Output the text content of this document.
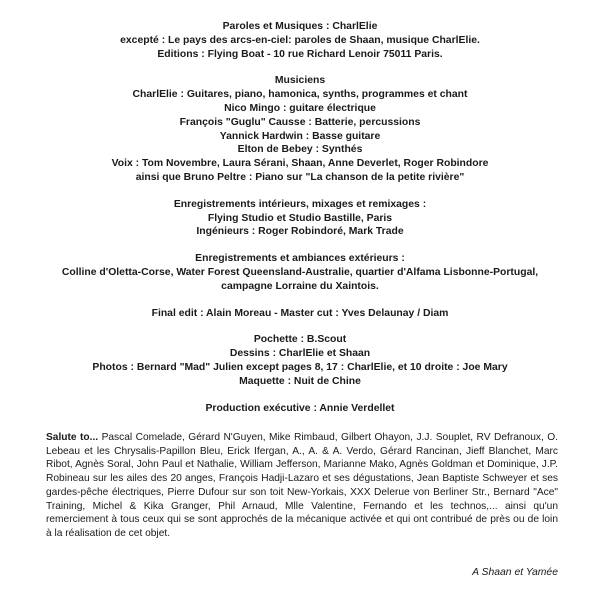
Paroles et Musiques : CharlElie
excepté : Le pays des arcs-en-ciel: paroles de Shaan, musique CharlElie.
Editions : Flying Boat - 10 rue Richard Lenoir 75011 Paris.
Musiciens
CharlElie : Guitares, piano, hamonica, synths, programmes et chant
Nico Mingo : guitare électrique
François "Guglu" Causse : Batterie, percussions
Yannick Hardwin : Basse guitare
Elton de Bebey : Synthés
Voix : Tom Novembre, Laura Sérani, Shaan, Anne Deverlet, Roger Robindore
ainsi que Bruno Peltre : Piano sur "La chanson de la petite rivière"
Enregistrements intérieurs, mixages et remixages :
Flying Studio et Studio Bastille, Paris
Ingénieurs : Roger Robindoré, Mark Trade
Enregistrements et ambiances extérieurs :
Colline d'Oletta-Corse, Water Forest Queensland-Australie, quartier d'Alfama Lisbonne-Portugal,
campagne Lorraine du Xaintois.
Final edit : Alain Moreau - Master cut : Yves Delaunay / Diam
Pochette : B.Scout
Dessins : CharlElie et Shaan
Photos : Bernard "Mad" Julien except pages 8, 17 : CharlElie, et 10 droite : Joe Mary
Maquette : Nuit de Chine
Production exécutive : Annie Verdellet
Salute to... Pascal Comelade, Gérard N'Guyen, Mike Rimbaud, Gilbert Ohayon, J.J. Souplet, RV Defranoux, O. Lebeau et les Chrysalis-Papillon Bleu, Erick Ifergan, A., A. & A. Verdo, Gérard Rancinan, Jieff Blanchet, Marc Ribot, Agnès Soral, John Paul et Nathalie, William Jefferson, Marianne Mako, Agnès Goldman et Dominique, J.P. Robineau sur les ailes des 20 anges, François Hadji-Lazaro et ses dégustations, Jean Baptiste Schweyer et ses gardes-pêche électriques, Pierre Dufour sur son toit New-Yorkais, XXX Delerue von Berliner Str., Bernard "Ace" Training, Michel & Kika Granger, Phil Arnaud, Mlle Valentine, Fernando et les technos,... ainsi qu'un remerciement à tous ceux qui se sont approchés de la mécanique activée et qui ont contribué de près ou de loin à la réalisation de cet objet.
A Shaan et Yamée
